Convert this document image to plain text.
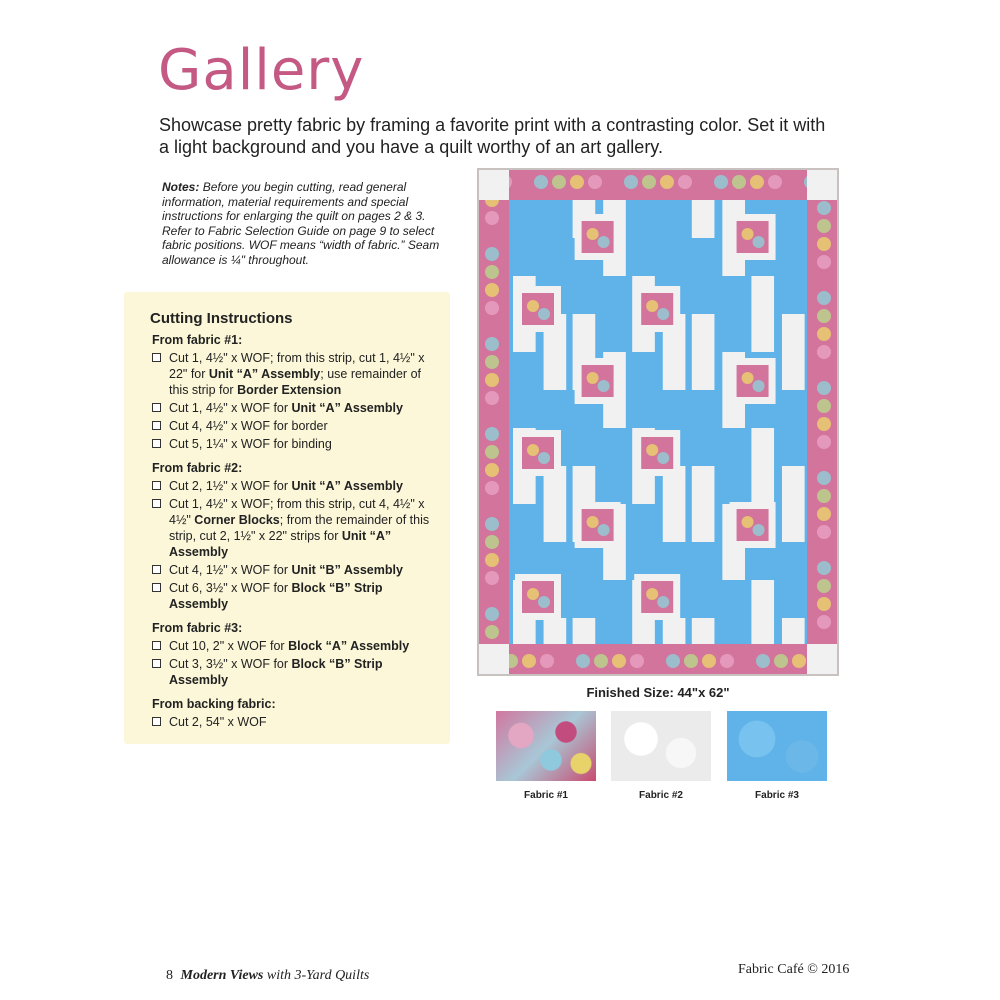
Gallery

Showcase pretty fabric by framing a favorite print with a contrasting color. Set it with a light background and you have a quilt worthy of an art gallery.

Notes: Before you begin cutting, read general information, material requirements and special instructions for enlarging the quilt on pages 2 & 3. Refer to Fabric Selection Guide on page 9 to select fabric positions. WOF means “width of fabric.” Seam allowance is ¼" throughout.

Cutting Instructions
From fabric #1:
Cut 1, 4½" x WOF; from this strip, cut 1, 4½" x 22" for Unit “A” Assembly; use remainder of this strip for Border Extension
Cut 1, 4½" x WOF for Unit “A” Assembly
Cut 4, 4½" x WOF for border
Cut 5, 1¼" x WOF for binding
From fabric #2:
Cut 2, 1½" x WOF for Unit “A” Assembly
Cut 1, 4½" x WOF; from this strip, cut 4, 4½" x 4½" Corner Blocks; from the remainder of this strip, cut 2, 1½" x 22" strips for Unit “A” Assembly
Cut 4, 1½" x WOF for Unit “B” Assembly
Cut 6, 3½" x WOF for Block “B” Strip Assembly
From fabric #3:
Cut 10, 2" x WOF for Block “A” Assembly
Cut 3, 3½" x WOF for Block “B” Strip Assembly
From backing fabric:
Cut 2, 54" x WOF
Finished Size: 44"x 62"
Fabric #1	Fabric #2	Fabric #3
8 Modern Views with 3-Yard Quilts	Fabric Café © 2016
